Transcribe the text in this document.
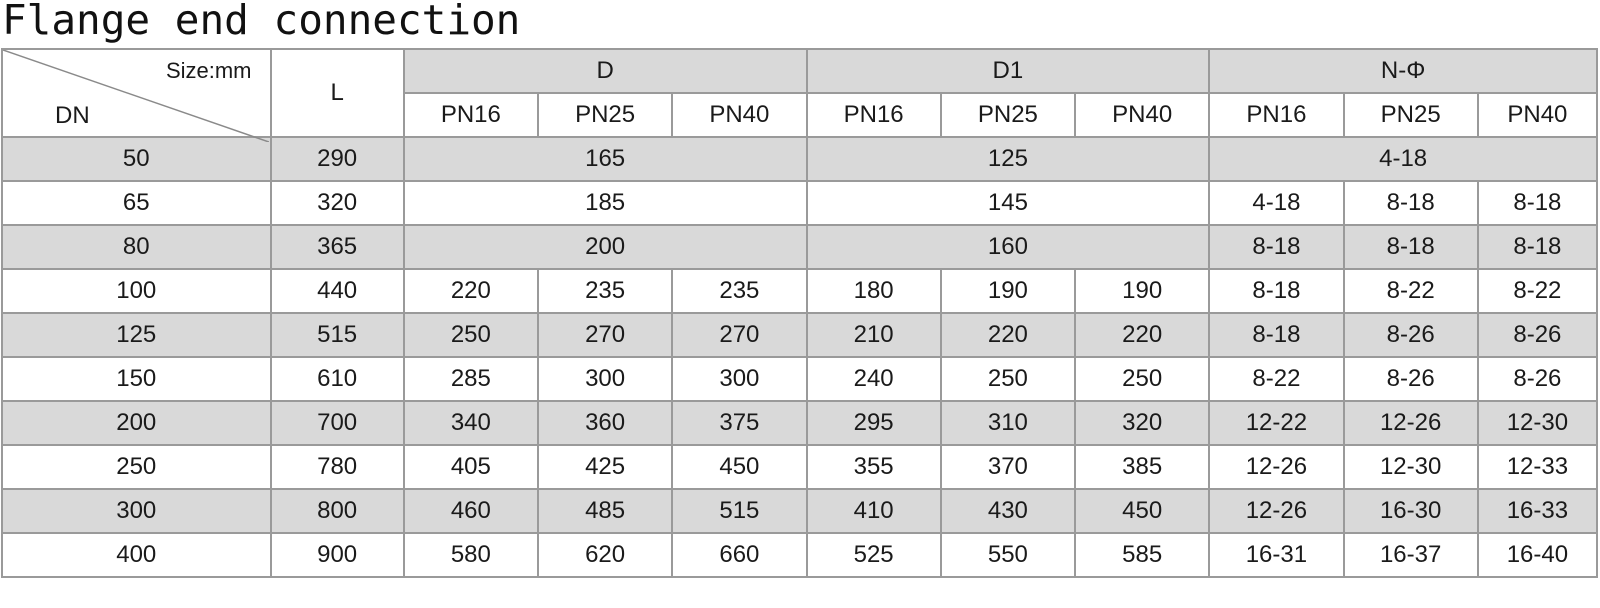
Flange end connection
Size:mm
DN	L	D			D1			N-Φ		
		PN16	PN25	PN40	PN16	PN25	PN40	PN16	PN25	PN40
50	290	165			125			4-18		
65	320	185			145			4-18	8-18	8-18
80	365	200			160			8-18	8-18	8-18
100	440	220	235	235	180	190	190	8-18	8-22	8-22
125	515	250	270	270	210	220	220	8-18	8-26	8-26
150	610	285	300	300	240	250	250	8-22	8-26	8-26
200	700	340	360	375	295	310	320	12-22	12-26	12-30
250	780	405	425	450	355	370	385	12-26	12-30	12-33
300	800	460	485	515	410	430	450	12-26	16-30	16-33
400	900	580	620	660	525	550	585	16-31	16-37	16-40
